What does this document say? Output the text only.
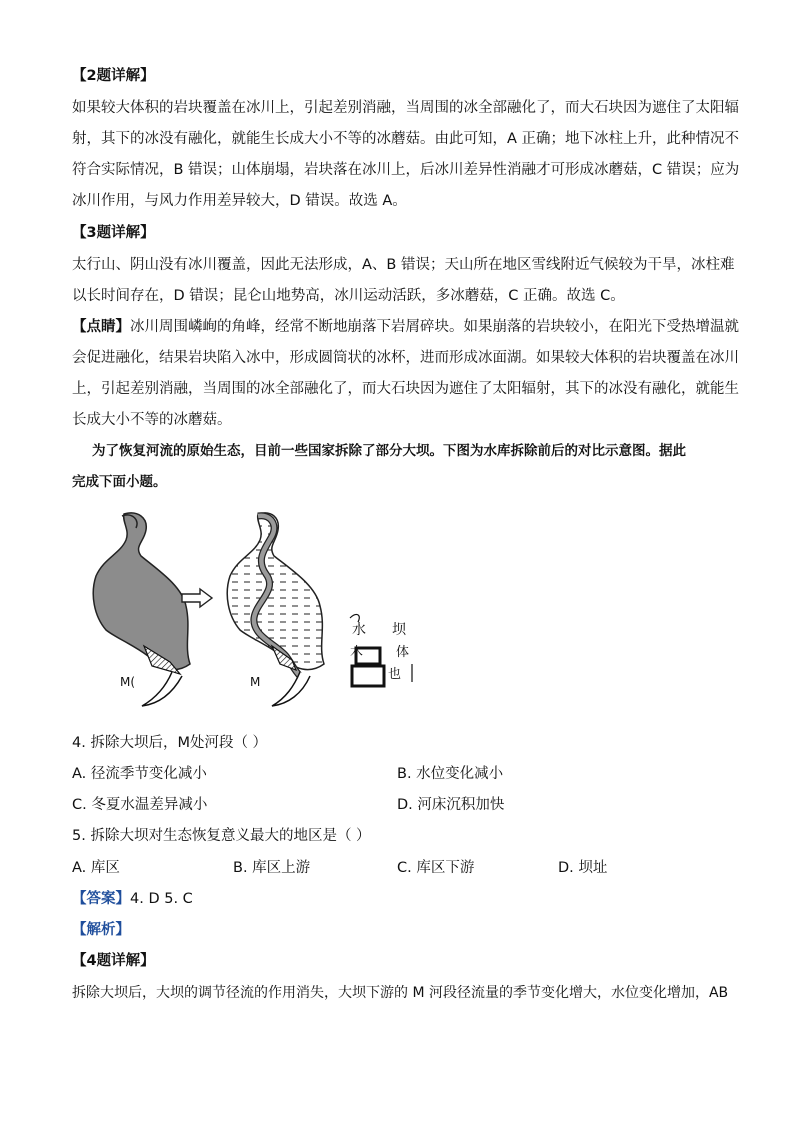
【2题详解】
如果较大体积的岩块覆盖在冰川上，引起差别消融，当周围的冰全部融化了，而大石块因为遮住了太阳辐
射，其下的冰没有融化，就能生长成大小不等的冰蘑菇。由此可知，A 正确；地下冰柱上升，此种情况不
符合实际情况，B 错误；山体崩塌，岩块落在冰川上，后冰川差异性消融才可形成冰蘑菇，C 错误；应为
冰川作用，与风力作用差异较大，D 错误。故选 A。
【3题详解】
太行山、阴山没有冰川覆盖，因此无法形成，A、B 错误；天山所在地区雪线附近气候较为干旱，冰柱难
以长时间存在，D 错误；昆仑山地势高，冰川运动活跃，多冰蘑菇，C 正确。故选 C。
【点睛】冰川周围嶙峋的角峰，经常不断地崩落下岩屑碎块。如果崩落的岩块较小，在阳光下受热增温就
会促进融化，结果岩块陷入冰中，形成圆筒状的冰杯，进而形成冰面湖。如果较大体积的岩块覆盖在冰川
上，引起差别消融，当周围的冰全部融化了，而大石块因为遮住了太阳辐射，其下的冰没有融化，就能生
长成大小不等的冰蘑菇。
为了恢复河流的原始生态，目前一些国家拆除了部分大坝。下图为水库拆除前后的对比示意图。据此
完成下面小题。
M(	M
水 坝
木	体
也
4. 拆除大坝后，M处河段（ ）
A. 径流季节变化减小	B. 水位变化减小
C. 冬夏水温差异减小	D. 河床沉积加快
5. 拆除大坝对生态恢复意义最大的地区是（ ）
A. 库区	B. 库区上游	C. 库区下游	D. 坝址
【答案】4. D 5. C
【解析】
【4题详解】
拆除大坝后，大坝的调节径流的作用消失，大坝下游的 M 河段径流量的季节变化增大，水位变化增加，AB
